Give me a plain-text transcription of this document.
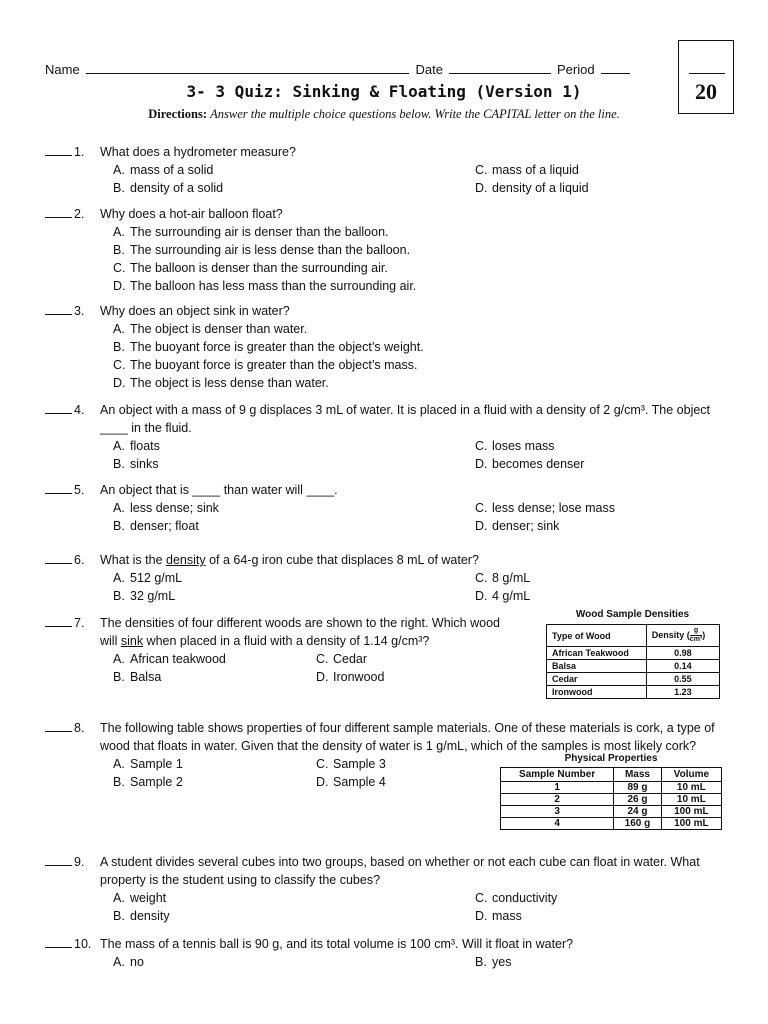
Name	Date	Period
20
3- 3 Quiz: Sinking & Floating (Version 1)
Directions: Answer the multiple choice questions below. Write the CAPITAL letter on the line.
1.	What does a hydrometer measure?
A. mass of a solid
B. density of a solid
C. mass of a liquid
D. density of a liquid
2.	Why does a hot-air balloon float?
A. The surrounding air is denser than the balloon.
B. The surrounding air is less dense than the balloon.
C. The balloon is denser than the surrounding air.
D. The balloon has less mass than the surrounding air.
3.	Why does an object sink in water?
A. The object is denser than water.
B. The buoyant force is greater than the object’s weight.
C. The buoyant force is greater than the object’s mass.
D. The object is less dense than water.
4.	An object with a mass of 9 g displaces 3 mL of water. It is placed in a fluid with a density of 2 g/cm³. The object ____ in the fluid.
A. floats
B. sinks
C. loses mass
D. becomes denser
5.	An object that is ____ than water will ____.
A. less dense; sink
B. denser; float
C. less dense; lose mass
D. denser; sink
6.	What is the density of a 64-g iron cube that displaces 8 mL of water?
A. 512 g/mL
B. 32 g/mL
C. 8 g/mL
D. 4 g/mL
7.	The densities of four different woods are shown to the right. Which wood will sink when placed in a fluid with a density of 1.14 g/cm³?
A. African teakwood
B. Balsa
C. Cedar
D. Ironwood
8.	The following table shows properties of four different sample materials. One of these materials is cork, a type of wood that floats in water. Given that the density of water is 1 g/mL, which of the samples is most likely cork?
A. Sample 1
B. Sample 2
C. Sample 3
D. Sample 4
9.	A student divides several cubes into two groups, based on whether or not each cube can float in water. What property is the student using to classify the cubes?
A. weight
B. density
C. conductivity
D. mass
10. The mass of a tennis ball is 90 g, and its total volume is 100 cm³. Will it float in water?
A. no	B. yes
Wood Sample Densities
Type of Wood	Density ( $\frac{g}{\text{cm³}}$ )
African Teakwood	0.98
Balsa	0.14
Cedar	0.55
Ironwood	1.23
Physical Properties
Sample Number	Mass	Volume
1	89 g	10 mL
2	26 g	10 mL
3	24 g	100 mL
4	160 g	100 mL
